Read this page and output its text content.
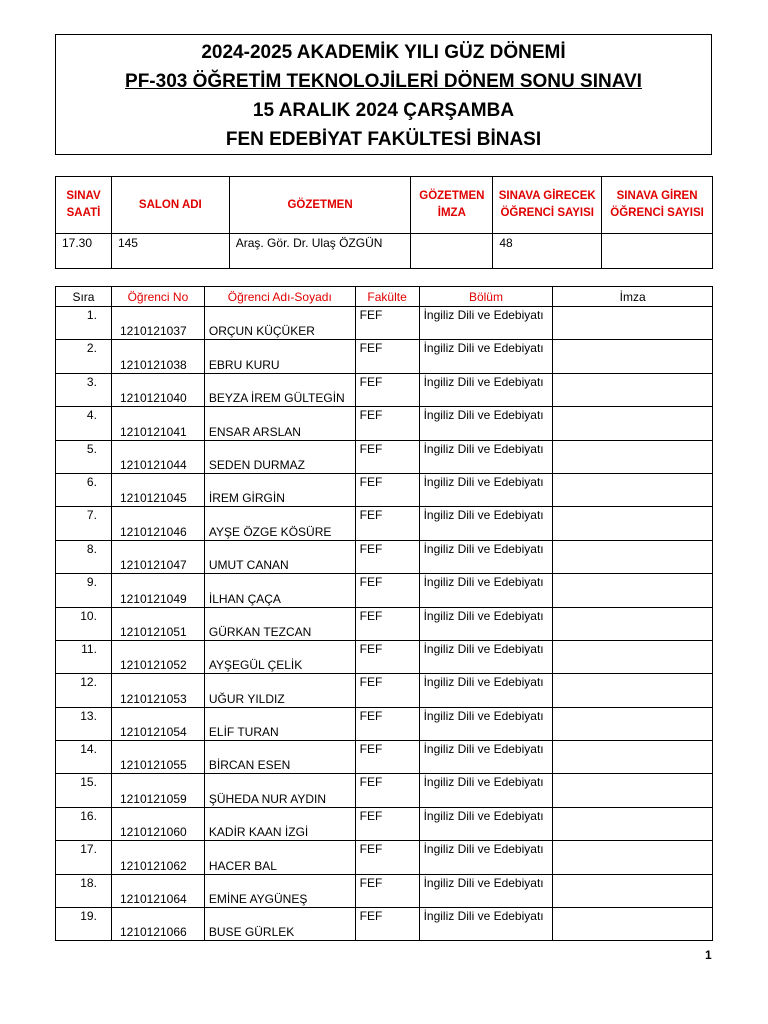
2024-2025 AKADEMİK YILI GÜZ DÖNEMİ
PF-303 ÖĞRETİM TEKNOLOJİLERİ DÖNEM SONU SINAVI
15 ARALIK 2024 ÇARŞAMBA
FEN EDEBİYAT FAKÜLTESİ BİNASI
SINAV SAATİ	SALON ADI	GÖZETMEN	GÖZETMEN İMZA	SINAVA GİRECEK ÖĞRENCİ SAYISI	SINAVA GİREN ÖĞRENCİ SAYISI
17.30	145	Araş. Gör. Dr. Ulaş ÖZGÜN		48	
Sıra	Öğrenci No	Öğrenci Adı-Soyadı	Fakülte	Bölüm	İmza
1.	1210121037	ORÇUN KÜÇÜKER	FEF	İngiliz Dili ve Edebiyatı	
2.	1210121038	EBRU KURU	FEF	İngiliz Dili ve Edebiyatı	
3.	1210121040	BEYZA İREM GÜLTEGİN	FEF	İngiliz Dili ve Edebiyatı	
4.	1210121041	ENSAR ARSLAN	FEF	İngiliz Dili ve Edebiyatı	
5.	1210121044	SEDEN DURMAZ	FEF	İngiliz Dili ve Edebiyatı	
6.	1210121045	İREM GİRGİN	FEF	İngiliz Dili ve Edebiyatı	
7.	1210121046	AYŞE ÖZGE KÖSÜRE	FEF	İngiliz Dili ve Edebiyatı	
8.	1210121047	UMUT CANAN	FEF	İngiliz Dili ve Edebiyatı	
9.	1210121049	İLHAN ÇAÇA	FEF	İngiliz Dili ve Edebiyatı	
10.	1210121051	GÜRKAN TEZCAN	FEF	İngiliz Dili ve Edebiyatı	
11.	1210121052	AYŞEGÜL ÇELİK	FEF	İngiliz Dili ve Edebiyatı	
12.	1210121053	UĞUR YILDIZ	FEF	İngiliz Dili ve Edebiyatı	
13.	1210121054	ELİF TURAN	FEF	İngiliz Dili ve Edebiyatı	
14.	1210121055	BİRCAN ESEN	FEF	İngiliz Dili ve Edebiyatı	
15.	1210121059	ŞÜHEDA NUR AYDIN	FEF	İngiliz Dili ve Edebiyatı	
16.	1210121060	KADİR KAAN İZGİ	FEF	İngiliz Dili ve Edebiyatı	
17.	1210121062	HACER BAL	FEF	İngiliz Dili ve Edebiyatı	
18.	1210121064	EMİNE AYGÜNEŞ	FEF	İngiliz Dili ve Edebiyatı	
19.	1210121066	BUSE GÜRLEK	FEF	İngiliz Dili ve Edebiyatı	
1
